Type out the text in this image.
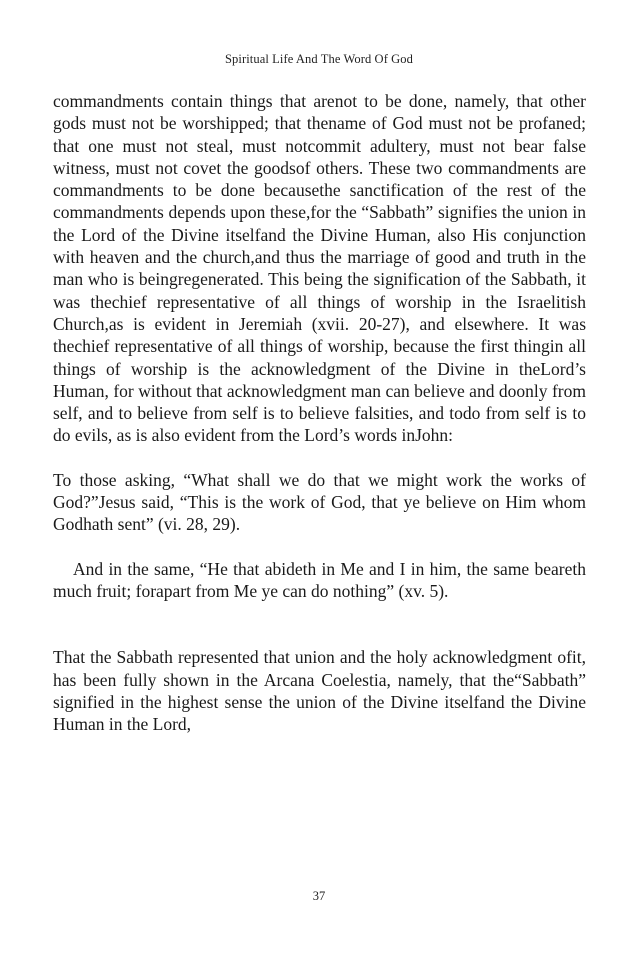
Spiritual Life And The Word Of God

commandments contain things that arenot to be done, namely, that other gods must not be worshipped; that thename of God must not be profaned; that one must not steal, must notcommit adultery, must not bear false witness, must not covet the goodsof others. These two commandments are commandments to be done becausethe sanctification of the rest of the commandments depends upon these,for the “Sabbath” signifies the union in the Lord of the Divine itselfand the Divine Human, also His conjunction with heaven and the church,and thus the marriage of good and truth in the man who is beingregenerated. This being the signification of the Sabbath, it was thechief representative of all things of worship in the Israelitish Church,as is evident in Jeremiah (xvii. 20-27), and elsewhere. It was thechief representative of all things of worship, because the first thingin all things of worship is the acknowledgment of the Divine in theLord’s Human, for without that acknowledgment man can believe and doonly from self, and to believe from self is to believe falsities, and todo from self is to do evils, as is also evident from the Lord’s words inJohn:

To those asking, “What shall we do that we might work the works of God?”Jesus said, “This is the work of God, that ye believe on Him whom Godhath sent” (vi. 28, 29).

And in the same, “He that abideth in Me and I in him, the same beareth much fruit; forapart from Me ye can do nothing” (xv. 5).

That the Sabbath represented that union and the holy acknowledgment ofit, has been fully shown in the Arcana Coelestia, namely, that the“Sabbath” signified in the highest sense the union of the Divine itselfand the Divine Human in the Lord,

37
